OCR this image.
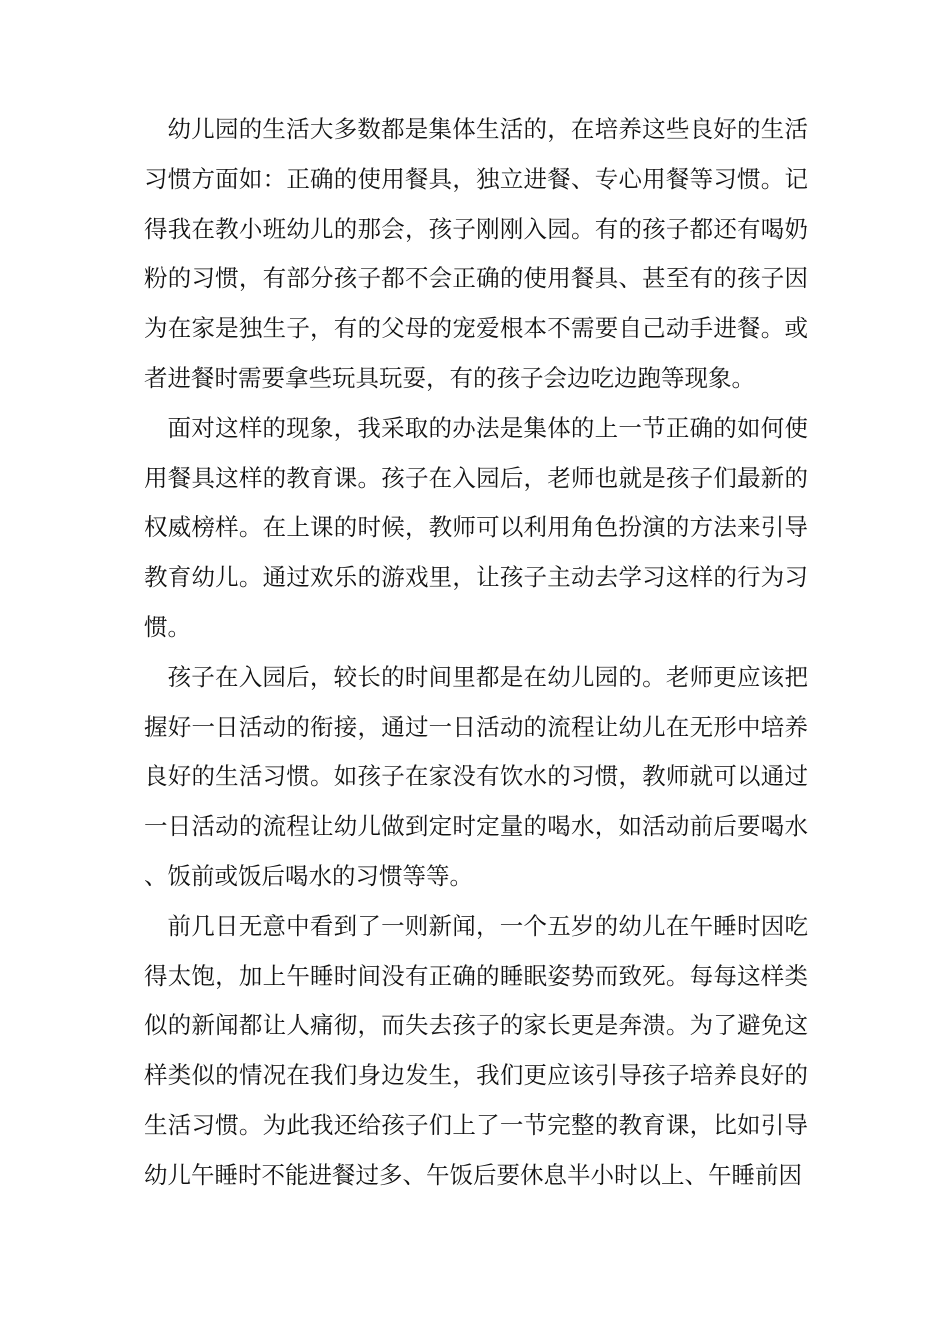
幼儿园的生活大多数都是集体生活的，在培养这些良好的生活习惯方面如：正确的使用餐具，独立进餐、专心用餐等习惯。记得我在教小班幼儿的那会，孩子刚刚入园。有的孩子都还有喝奶粉的习惯，有部分孩子都不会正确的使用餐具、甚至有的孩子因为在家是独生子，有的父母的宠爱根本不需要自己动手进餐。或者进餐时需要拿些玩具玩耍，有的孩子会边吃边跑等现象。

面对这样的现象，我采取的办法是集体的上一节正确的如何使用餐具这样的教育课。孩子在入园后，老师也就是孩子们最新的权威榜样。在上课的时候，教师可以利用角色扮演的方法来引导教育幼儿。通过欢乐的游戏里，让孩子主动去学习这样的行为习惯。

孩子在入园后，较长的时间里都是在幼儿园的。老师更应该把握好一日活动的衔接，通过一日活动的流程让幼儿在无形中培养良好的生活习惯。如孩子在家没有饮水的习惯，教师就可以通过一日活动的流程让幼儿做到定时定量的喝水，如活动前后要喝水、饭前或饭后喝水的习惯等等。

前几日无意中看到了一则新闻，一个五岁的幼儿在午睡时因吃得太饱，加上午睡时间没有正确的睡眠姿势而致死。每每这样类似的新闻都让人痛彻，而失去孩子的家长更是奔溃。为了避免这样类似的情况在我们身边发生，我们更应该引导孩子培养良好的生活习惯。为此我还给孩子们上了一节完整的教育课，比如引导幼儿午睡时不能进餐过多、午饭后要休息半小时以上、午睡前因
